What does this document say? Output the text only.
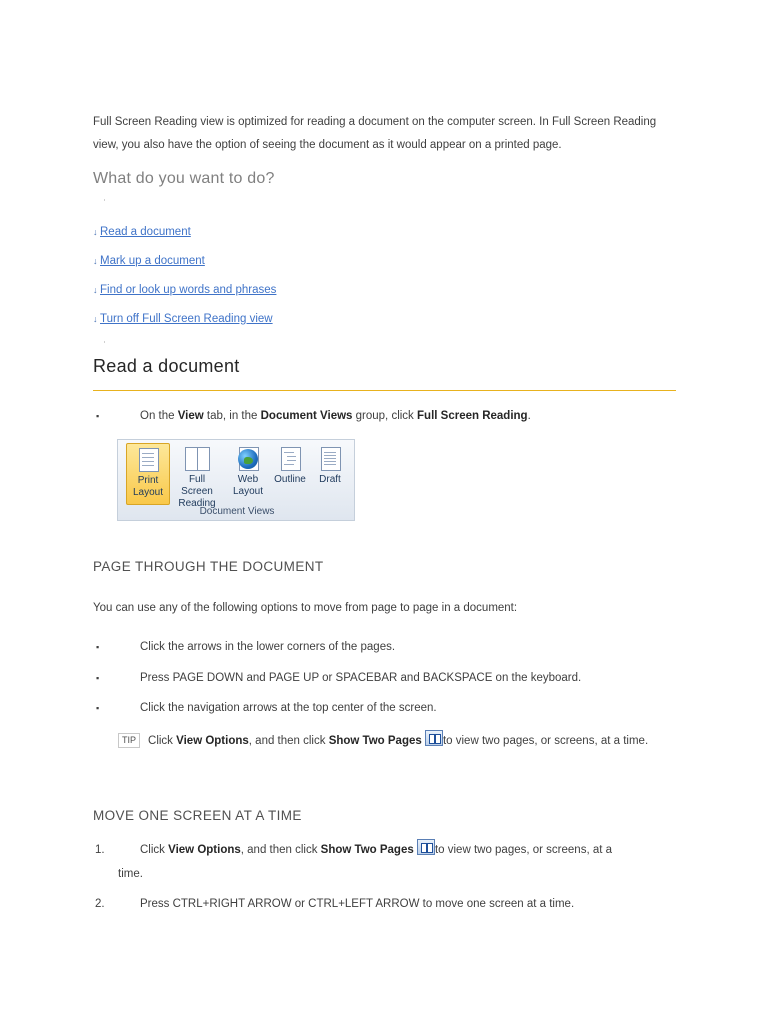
Full Screen Reading view is optimized for reading a document on the computer screen. In Full Screen Reading view, you also have the option of seeing the document as it would appear on a printed page.

What do you want to do?
↓ Read a document
↓ Mark up a document
↓ Find or look up words and phrases
↓ Turn off Full Screen Reading view
Read a document

▪	On the View tab, in the Document Views group, click Full Screen Reading.

Print
Layout
Full Screen
Reading
Web
Layout
Outline	Draft
Document Views
PAGE THROUGH THE DOCUMENT

You can use any of the following options to move from page to page in a document:

▪	Click the arrows in the lower corners of the pages.

▪	Press PAGE DOWN and PAGE UP or SPACEBAR and BACKSPACE on the keyboard.

▪	Click the navigation arrows at the top center of the screen.

TIP Click View Options, and then click Show Two Pages to view two pages, or screens, at a time.
MOVE ONE SCREEN AT A TIME
1.	Click View Options, and then click Show Two Pages to view two pages, or screens, at a
time.
2.	Press CTRL+RIGHT ARROW or CTRL+LEFT ARROW to move one screen at a time.
